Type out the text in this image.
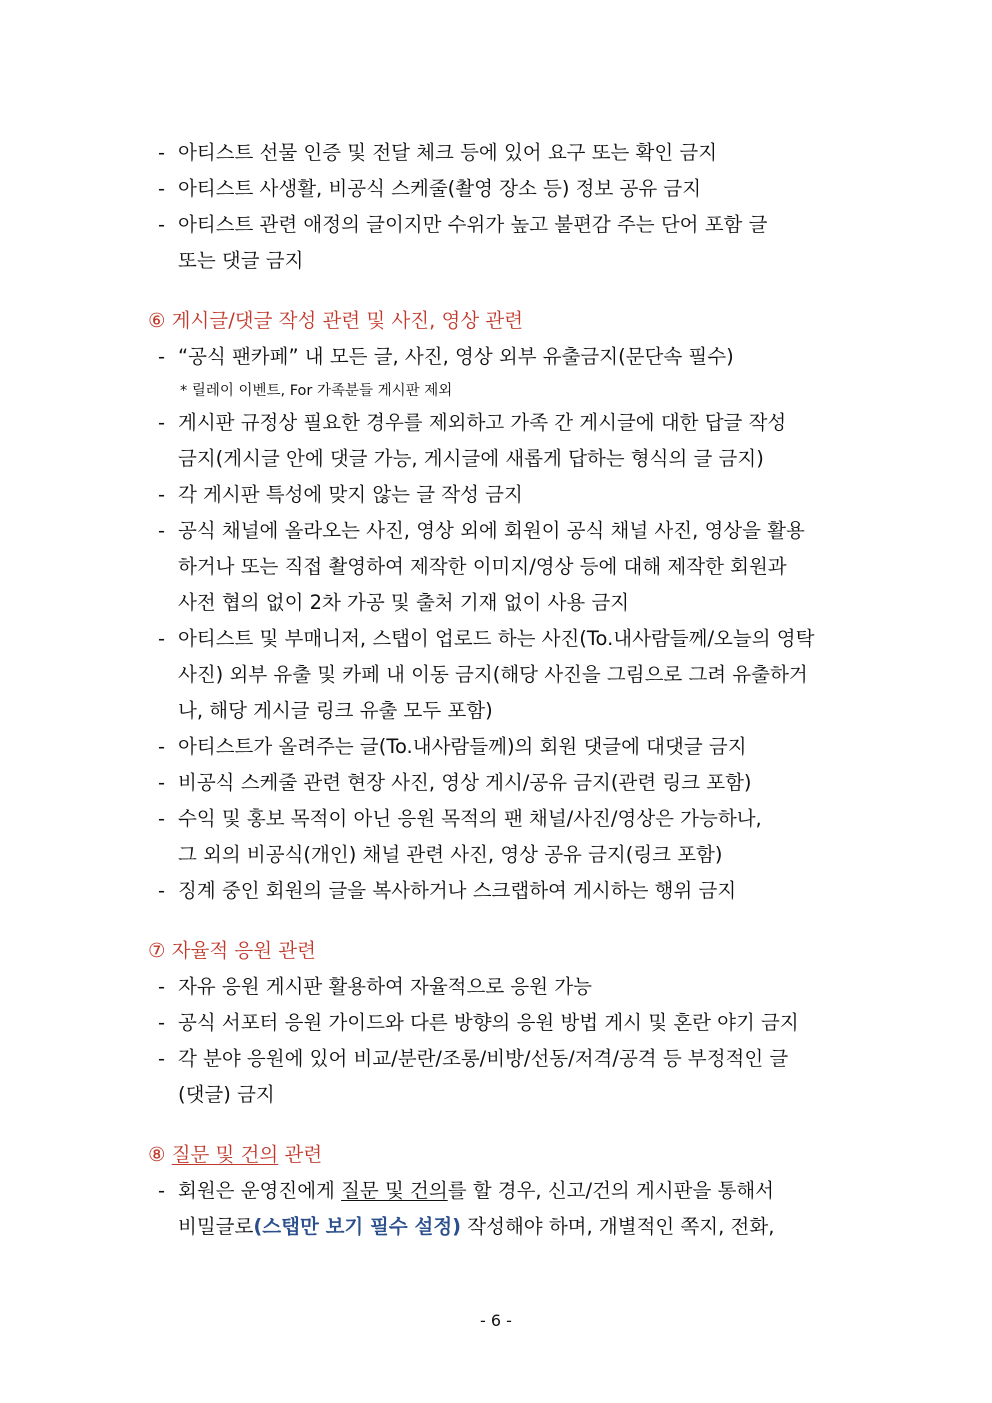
- 아티스트 선물 인증 및 전달 체크 등에 있어 요구 또는 확인 금지
- 아티스트 사생활, 비공식 스케줄(촬영 장소 등) 정보 공유 금지
- 아티스트 관련 애정의 글이지만 수위가 높고 불편감 주는 단어 포함 글
또는 댓글 금지
⑥ 게시글/댓글 작성 관련 및 사진, 영상 관련
- “공식 팬카페” 내 모든 글, 사진, 영상 외부 유출금지(문단속 필수)
* 릴레이 이벤트, For 가족분들 게시판 제외
- 게시판 규정상 필요한 경우를 제외하고 가족 간 게시글에 대한 답글 작성
금지(게시글 안에 댓글 가능, 게시글에 새롭게 답하는 형식의 글 금지)
- 각 게시판 특성에 맞지 않는 글 작성 금지
- 공식 채널에 올라오는 사진, 영상 외에 회원이 공식 채널 사진, 영상을 활용
하거나 또는 직접 촬영하여 제작한 이미지/영상 등에 대해 제작한 회원과
사전 협의 없이 2차 가공 및 출처 기재 없이 사용 금지
- 아티스트 및 부매니저, 스탭이 업로드 하는 사진(To.내사람들께/오늘의 영탁
사진) 외부 유출 및 카페 내 이동 금지(해당 사진을 그림으로 그려 유출하거
나, 해당 게시글 링크 유출 모두 포함)
- 아티스트가 올려주는 글(To.내사람들께)의 회원 댓글에 대댓글 금지
- 비공식 스케줄 관련 현장 사진, 영상 게시/공유 금지(관련 링크 포함)
- 수익 및 홍보 목적이 아닌 응원 목적의 팬 채널/사진/영상은 가능하나,
그 외의 비공식(개인) 채널 관련 사진, 영상 공유 금지(링크 포함)
- 징계 중인 회원의 글을 복사하거나 스크랩하여 게시하는 행위 금지
⑦ 자율적 응원 관련
- 자유 응원 게시판 활용하여 자율적으로 응원 가능
- 공식 서포터 응원 가이드와 다른 방향의 응원 방법 게시 및 혼란 야기 금지
- 각 분야 응원에 있어 비교/분란/조롱/비방/선동/저격/공격 등 부정적인 글
(댓글) 금지
⑧ 질문 및 건의 관련
- 회원은 운영진에게 질문 및 건의를 할 경우, 신고/건의 게시판을 통해서
비밀글로(스탭만 보기 필수 설정) 작성해야 하며, 개별적인 쪽지, 전화,
- 6 -
